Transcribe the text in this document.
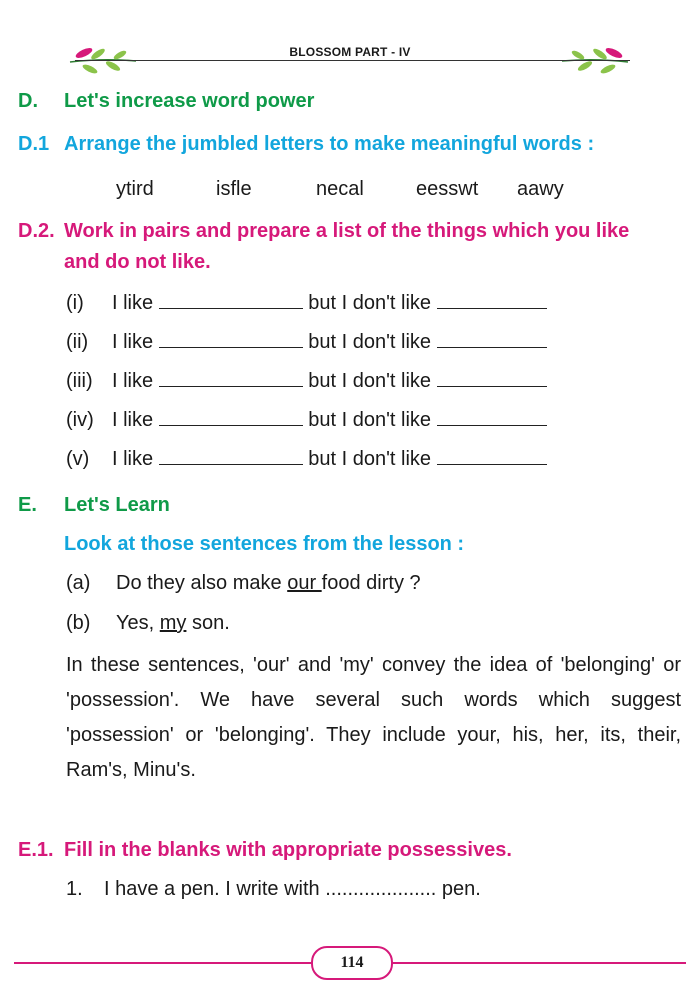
BLOSSOM PART - IV
D. Let's increase word power
D.1 Arrange the jumbled letters to make meaningful words :
ytird	isfle	necal	eesswt aawy
D.2. Work in pairs and prepare a list of the things which you like
and do not like.
(i) I like	but I don't like
(ii) I like	but I don't like
(iii) I like	but I don't like
(iv) I like	but I don't like
(v) I like	but I don't like
E. Let's Learn
Look at those sentences from the lesson :
(a) Do they also make our food dirty ?
(b) Yes, my son.
In these sentences, 'our' and 'my' convey the idea of 'belonging' or 'possession'. We have several such words which suggest 'possession' or 'belonging'. They include your, his, her, its, their, Ram's, Minu's.
E.1. Fill in the blanks with appropriate possessives.
1. I have a pen. I write with .................... pen.
114
